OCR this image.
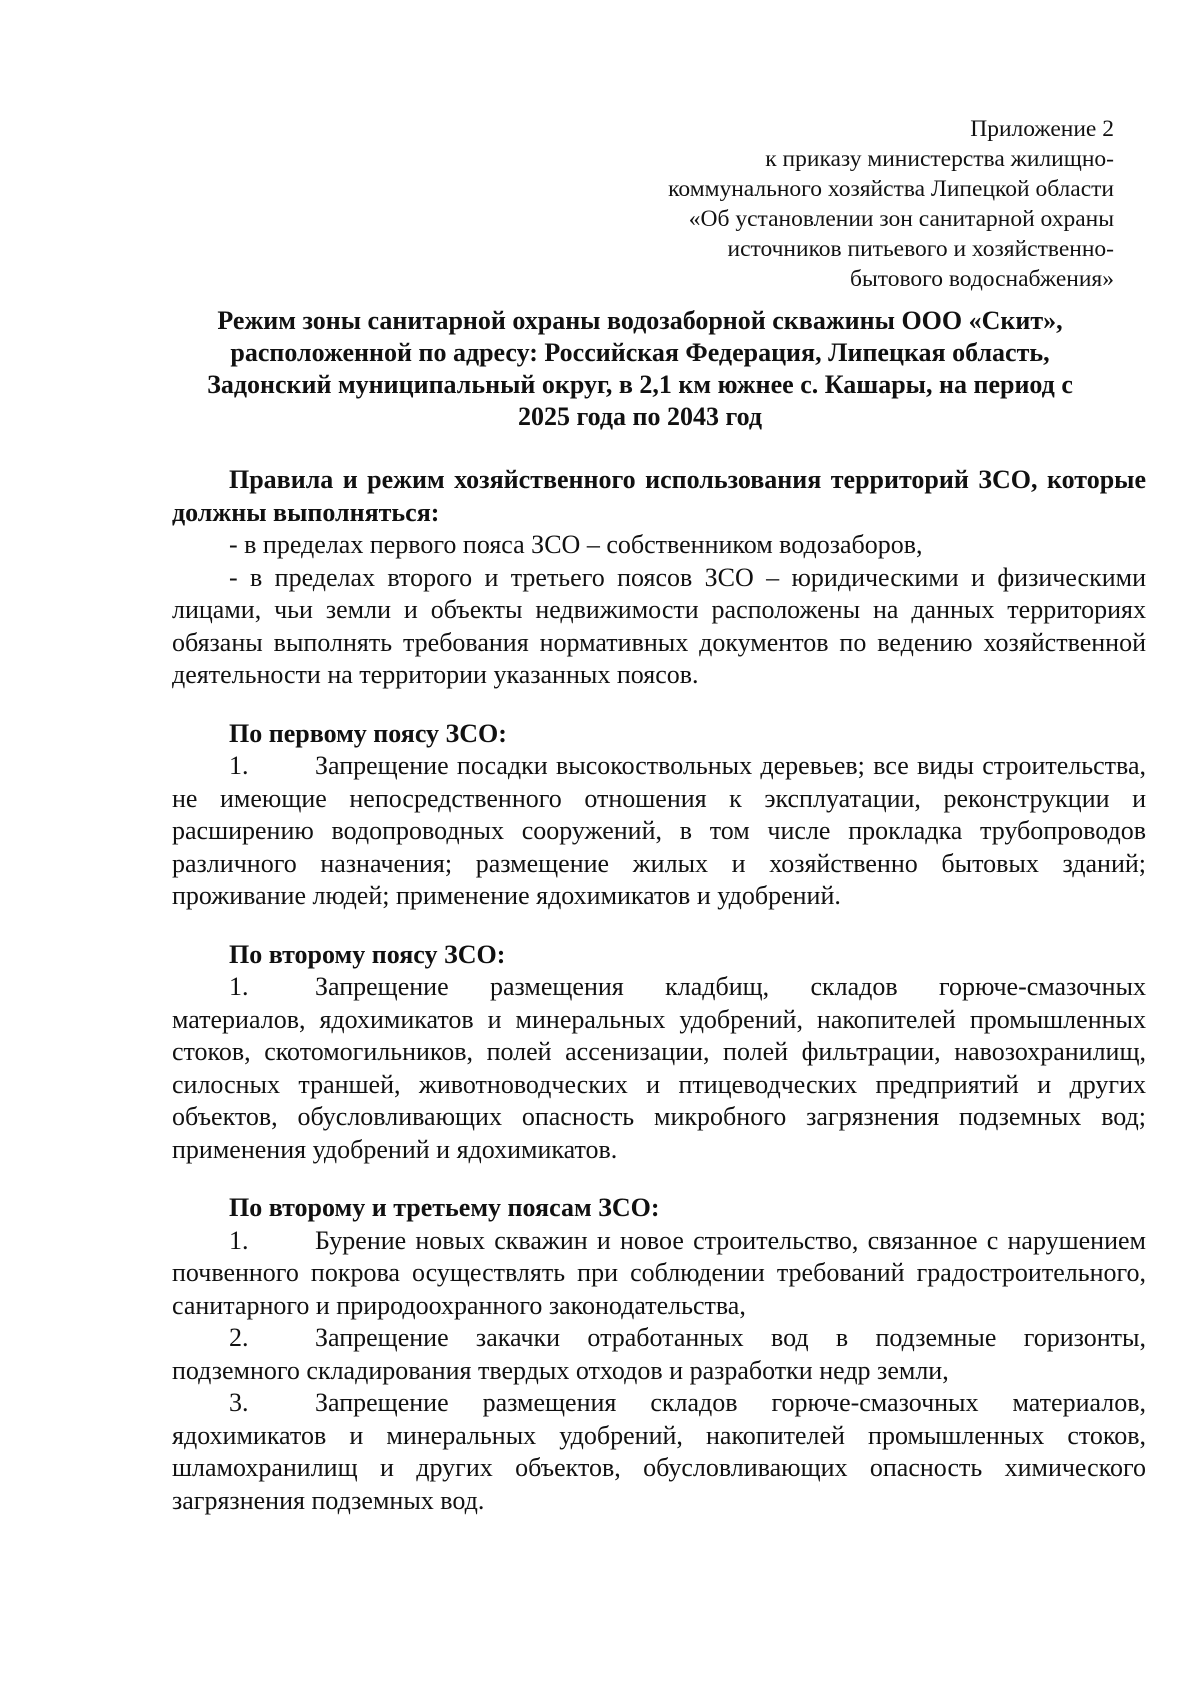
Приложение 2
к приказу министерства жилищно-
коммунального хозяйства Липецкой области
«Об установлении зон санитарной охраны
источников питьевого и хозяйственно-
бытового водоснабжения»
Режим зоны санитарной охраны водозаборной скважины ООО «Скит»,
расположенной по адресу: Российская Федерация, Липецкая область,
Задонский муниципальный округ, в 2,1 км южнее с. Кашары, на период с
2025 года по 2043 год

Правила и режим хозяйственного использования территорий ЗСО, которые должны выполняться:

- в пределах первого пояса ЗСО – собственником водозаборов,

- в пределах второго и третьего поясов ЗСО – юридическими и физическими лицами, чьи земли и объекты недвижимости расположены на данных территориях обязаны выполнять требования нормативных документов по ведению хозяйственной деятельности на территории указанных поясов.

По первому поясу ЗСО:

1.	Запрещение посадки высокоствольных деревьев; все виды строительства, не имеющие непосредственного отношения к эксплуатации, реконструкции и расширению водопроводных сооружений, в том числе прокладка трубопроводов различного назначения; размещение жилых и хозяйственно бытовых зданий; проживание людей; применение ядохимикатов и удобрений.

По второму поясу ЗСО:

1.	Запрещение размещения кладбищ, складов горюче-смазочных материалов, ядохимикатов и минеральных удобрений, накопителей промышленных стоков, скотомогильников, полей ассенизации, полей фильтрации, навозохранилищ, силосных траншей, животноводческих и птицеводческих предприятий и других объектов, обусловливающих опасность микробного загрязнения подземных вод; применения удобрений и ядохимикатов.

По второму и третьему поясам ЗСО:

1.	Бурение новых скважин и новое строительство, связанное с нарушением почвенного покрова осуществлять при соблюдении требований градостроительного, санитарного и природоохранного законодательства,

2.	Запрещение закачки отработанных вод в подземные горизонты, подземного складирования твердых отходов и разработки недр земли,

3.	Запрещение размещения складов горюче-смазочных материалов, ядохимикатов и минеральных удобрений, накопителей промышленных стоков, шламохранилищ и других объектов, обусловливающих опасность химического загрязнения подземных вод.
